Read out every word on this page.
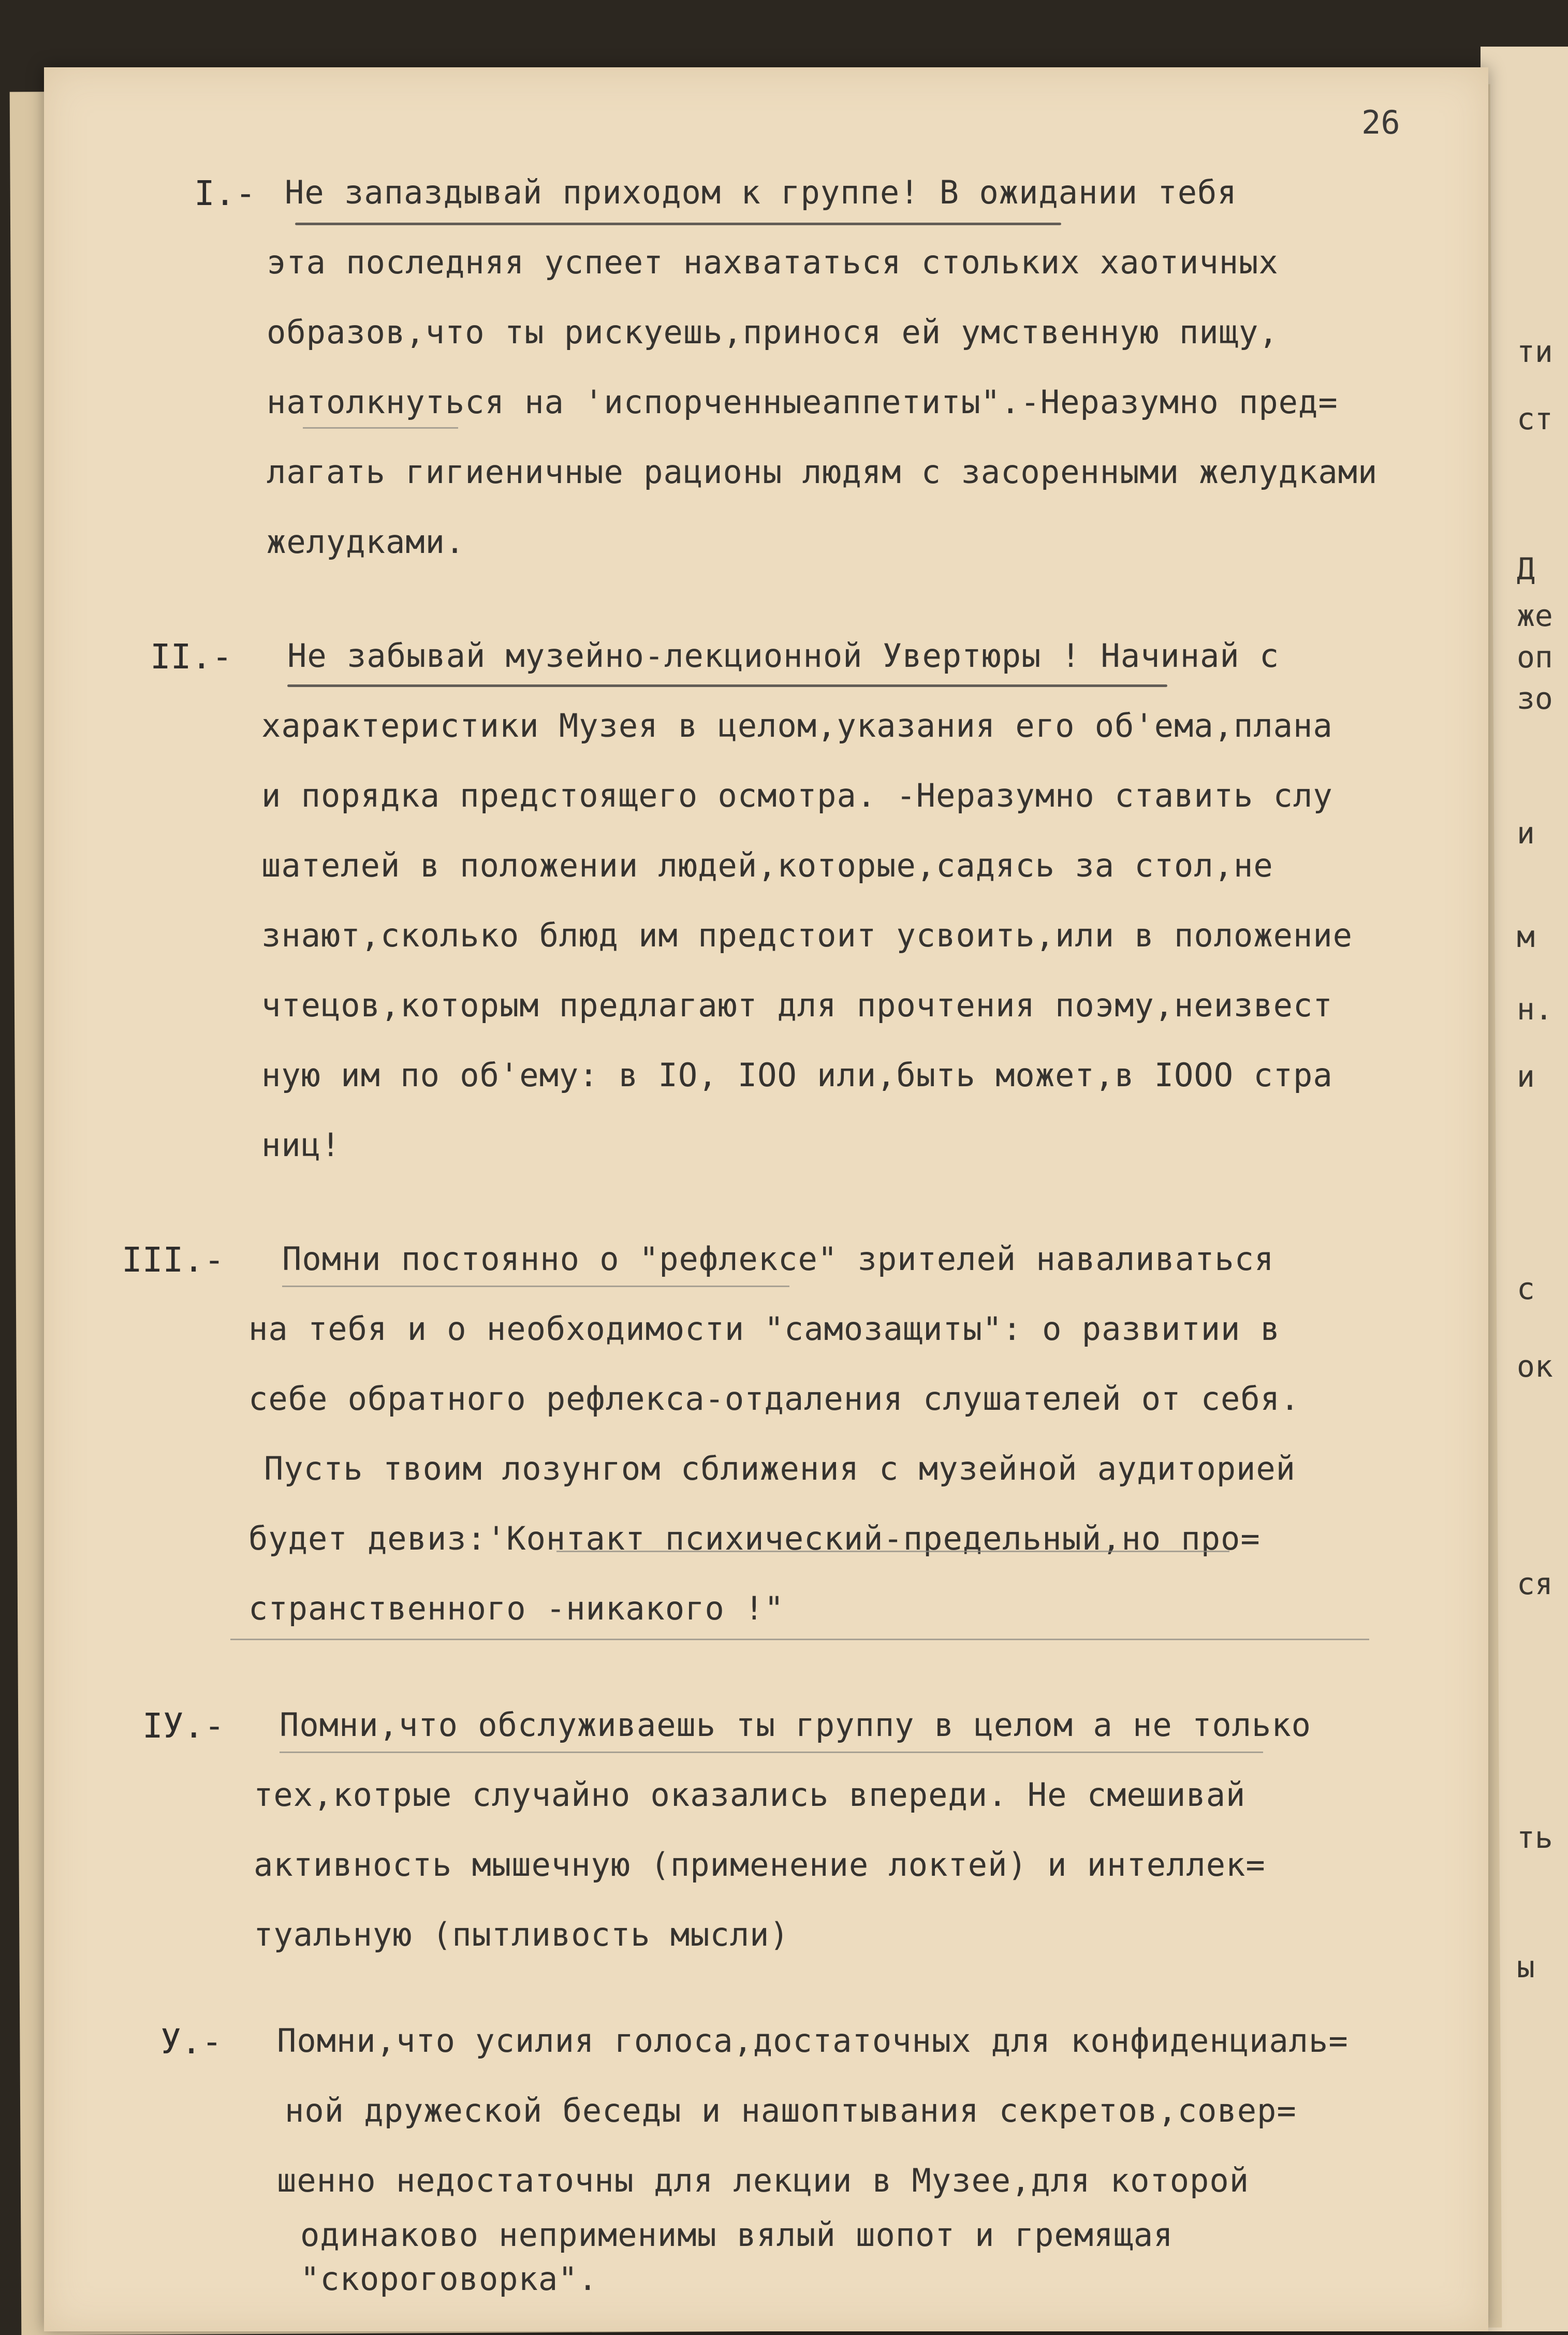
ти
ст
Д
же
оп
зо
и
м
н.
и
с
ок
ся
ть
ы
26
I.- Не запаздывай приходом к группе! В ожидании тебя
эта последняя успеет нахвататься стольких хаотичных
образов,что ты рискуешь,принося ей умственную пищу,
натолкнуться на 'испорченныеаппетиты".-Неразумно пред=
лагать гигиеничные рационы людям с засоренными желудками
желудками.
II.- Не забывай музейно-лекционной Увертюры ! Начинай с
характеристики Музея в целом,указания его об'ема,плана
и порядка предстоящего осмотра. -Неразумно ставить слу
шателей в положении людей,которые,садясь за стол,не
знают,сколько блюд им предстоит усвоить,или в положение
чтецов,которым предлагают для прочтения поэму,неизвест
ную им по об'ему: в IO, IOO или,быть может,в IOOO стра
ниц!
III.- Помни постоянно о "рефлексе" зрителей наваливаться
на тебя и о необходимости "самозащиты": о развитии в
себе обратного рефлекса-отдаления слушателей от себя.
Пусть твоим лозунгом сближения с музейной аудиторией
будет девиз:'Контакт психический-предельный,но про=
странственного -никакого !"
IУ.- Помни,что обслуживаешь ты группу в целом а не только
тех,котрые случайно оказались впереди. Не смешивай
активность мышечную (применение локтей) и интеллек=
туальную (пытливость мысли)
У.- Помни,что усилия голоса,достаточных для конфиденциаль=
ной дружеской беседы и нашоптывания секретов,совер=
шенно недостаточны для лекции в Музее,для которой
одинаково неприменимы вялый шопот и гремящая
"скороговорка".
